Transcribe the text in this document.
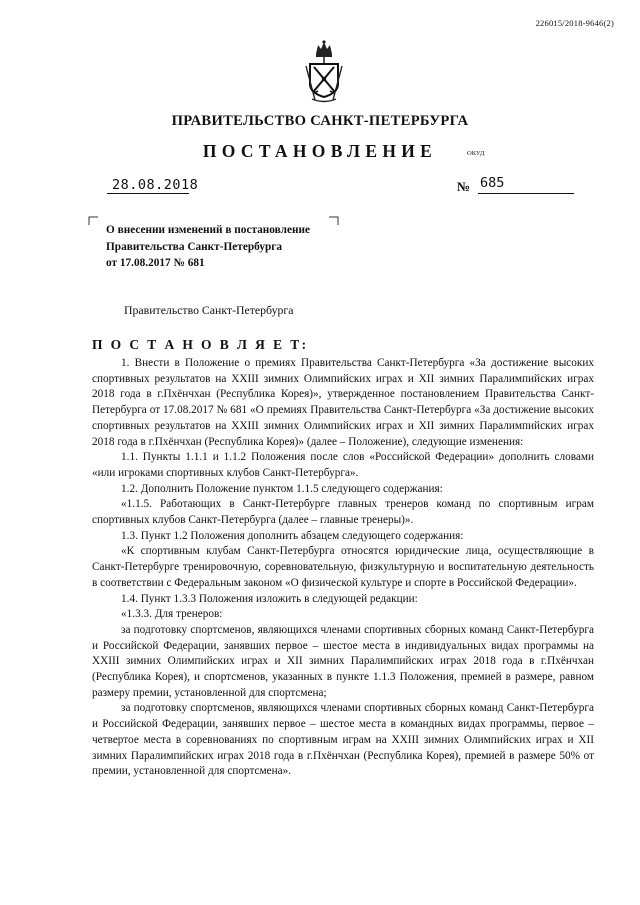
226015/2018-9646(2)
ПРАВИТЕЛЬСТВО САНКТ-ПЕТЕРБУРГА
ПОСТАНОВЛЕНИЕ	ОКУД
28.08.2018	№ 685
О внесении изменений в постановление
Правительства Санкт-Петербурга
от 17.08.2017 № 681
Правительство Санкт-Петербурга
П О С Т А Н О В Л Я Е Т:

1. Внести в Положение о премиях Правительства Санкт-Петербурга «За достижение высоких спортивных результатов на XXIII зимних Олимпийских играх и XII зимних Паралимпийских играх 2018 года в г.Пхёнчхан (Республика Корея)», утвержденное постановлением Правительства Санкт-Петербурга от 17.08.2017 № 681 «О премиях Правительства Санкт-Петербурга «За достижение высоких спортивных результатов на XXIII зимних Олимпийских играх и XII зимних Паралимпийских играх 2018 года в г.Пхёнчхан (Республика Корея)» (далее – Положение), следующие изменения:

1.1. Пункты 1.1.1 и 1.1.2 Положения после слов «Российской Федерации» дополнить словами «или игроками спортивных клубов Санкт-Петербурга».

1.2. Дополнить Положение пунктом 1.1.5 следующего содержания:

«1.1.5. Работающих в Санкт-Петербурге главных тренеров команд по спортивным играм спортивных клубов Санкт-Петербурга (далее – главные тренеры)».

1.3. Пункт 1.2 Положения дополнить абзацем следующего содержания:

«К спортивным клубам Санкт-Петербурга относятся юридические лица, осуществляющие в Санкт-Петербурге тренировочную, соревновательную, физкультурную и воспитательную деятельность в соответствии с Федеральным законом «О физической культуре и спорте в Российской Федерации».

1.4. Пункт 1.3.3 Положения изложить в следующей редакции:

«1.3.3. Для тренеров:

за подготовку спортсменов, являющихся членами спортивных сборных команд Санкт-Петербурга и Российской Федерации, занявших первое – шестое места в индивидуальных видах программы на XXIII зимних Олимпийских играх и XII зимних Паралимпийских играх 2018 года в г.Пхёнчхан (Республика Корея), и спортсменов, указанных в пункте 1.1.3 Положения, премией в размере, равном размеру премии, установленной для спортсмена;

за подготовку спортсменов, являющихся членами спортивных сборных команд Санкт-Петербурга и Российской Федерации, занявших первое – шестое места в командных видах программы, первое – четвертое места в соревнованиях по спортивным играм на XXIII зимних Олимпийских играх и XII зимних Паралимпийских играх 2018 года в г.Пхёнчхан (Республика Корея), премией в размере 50% от премии, установленной для спортсмена».
